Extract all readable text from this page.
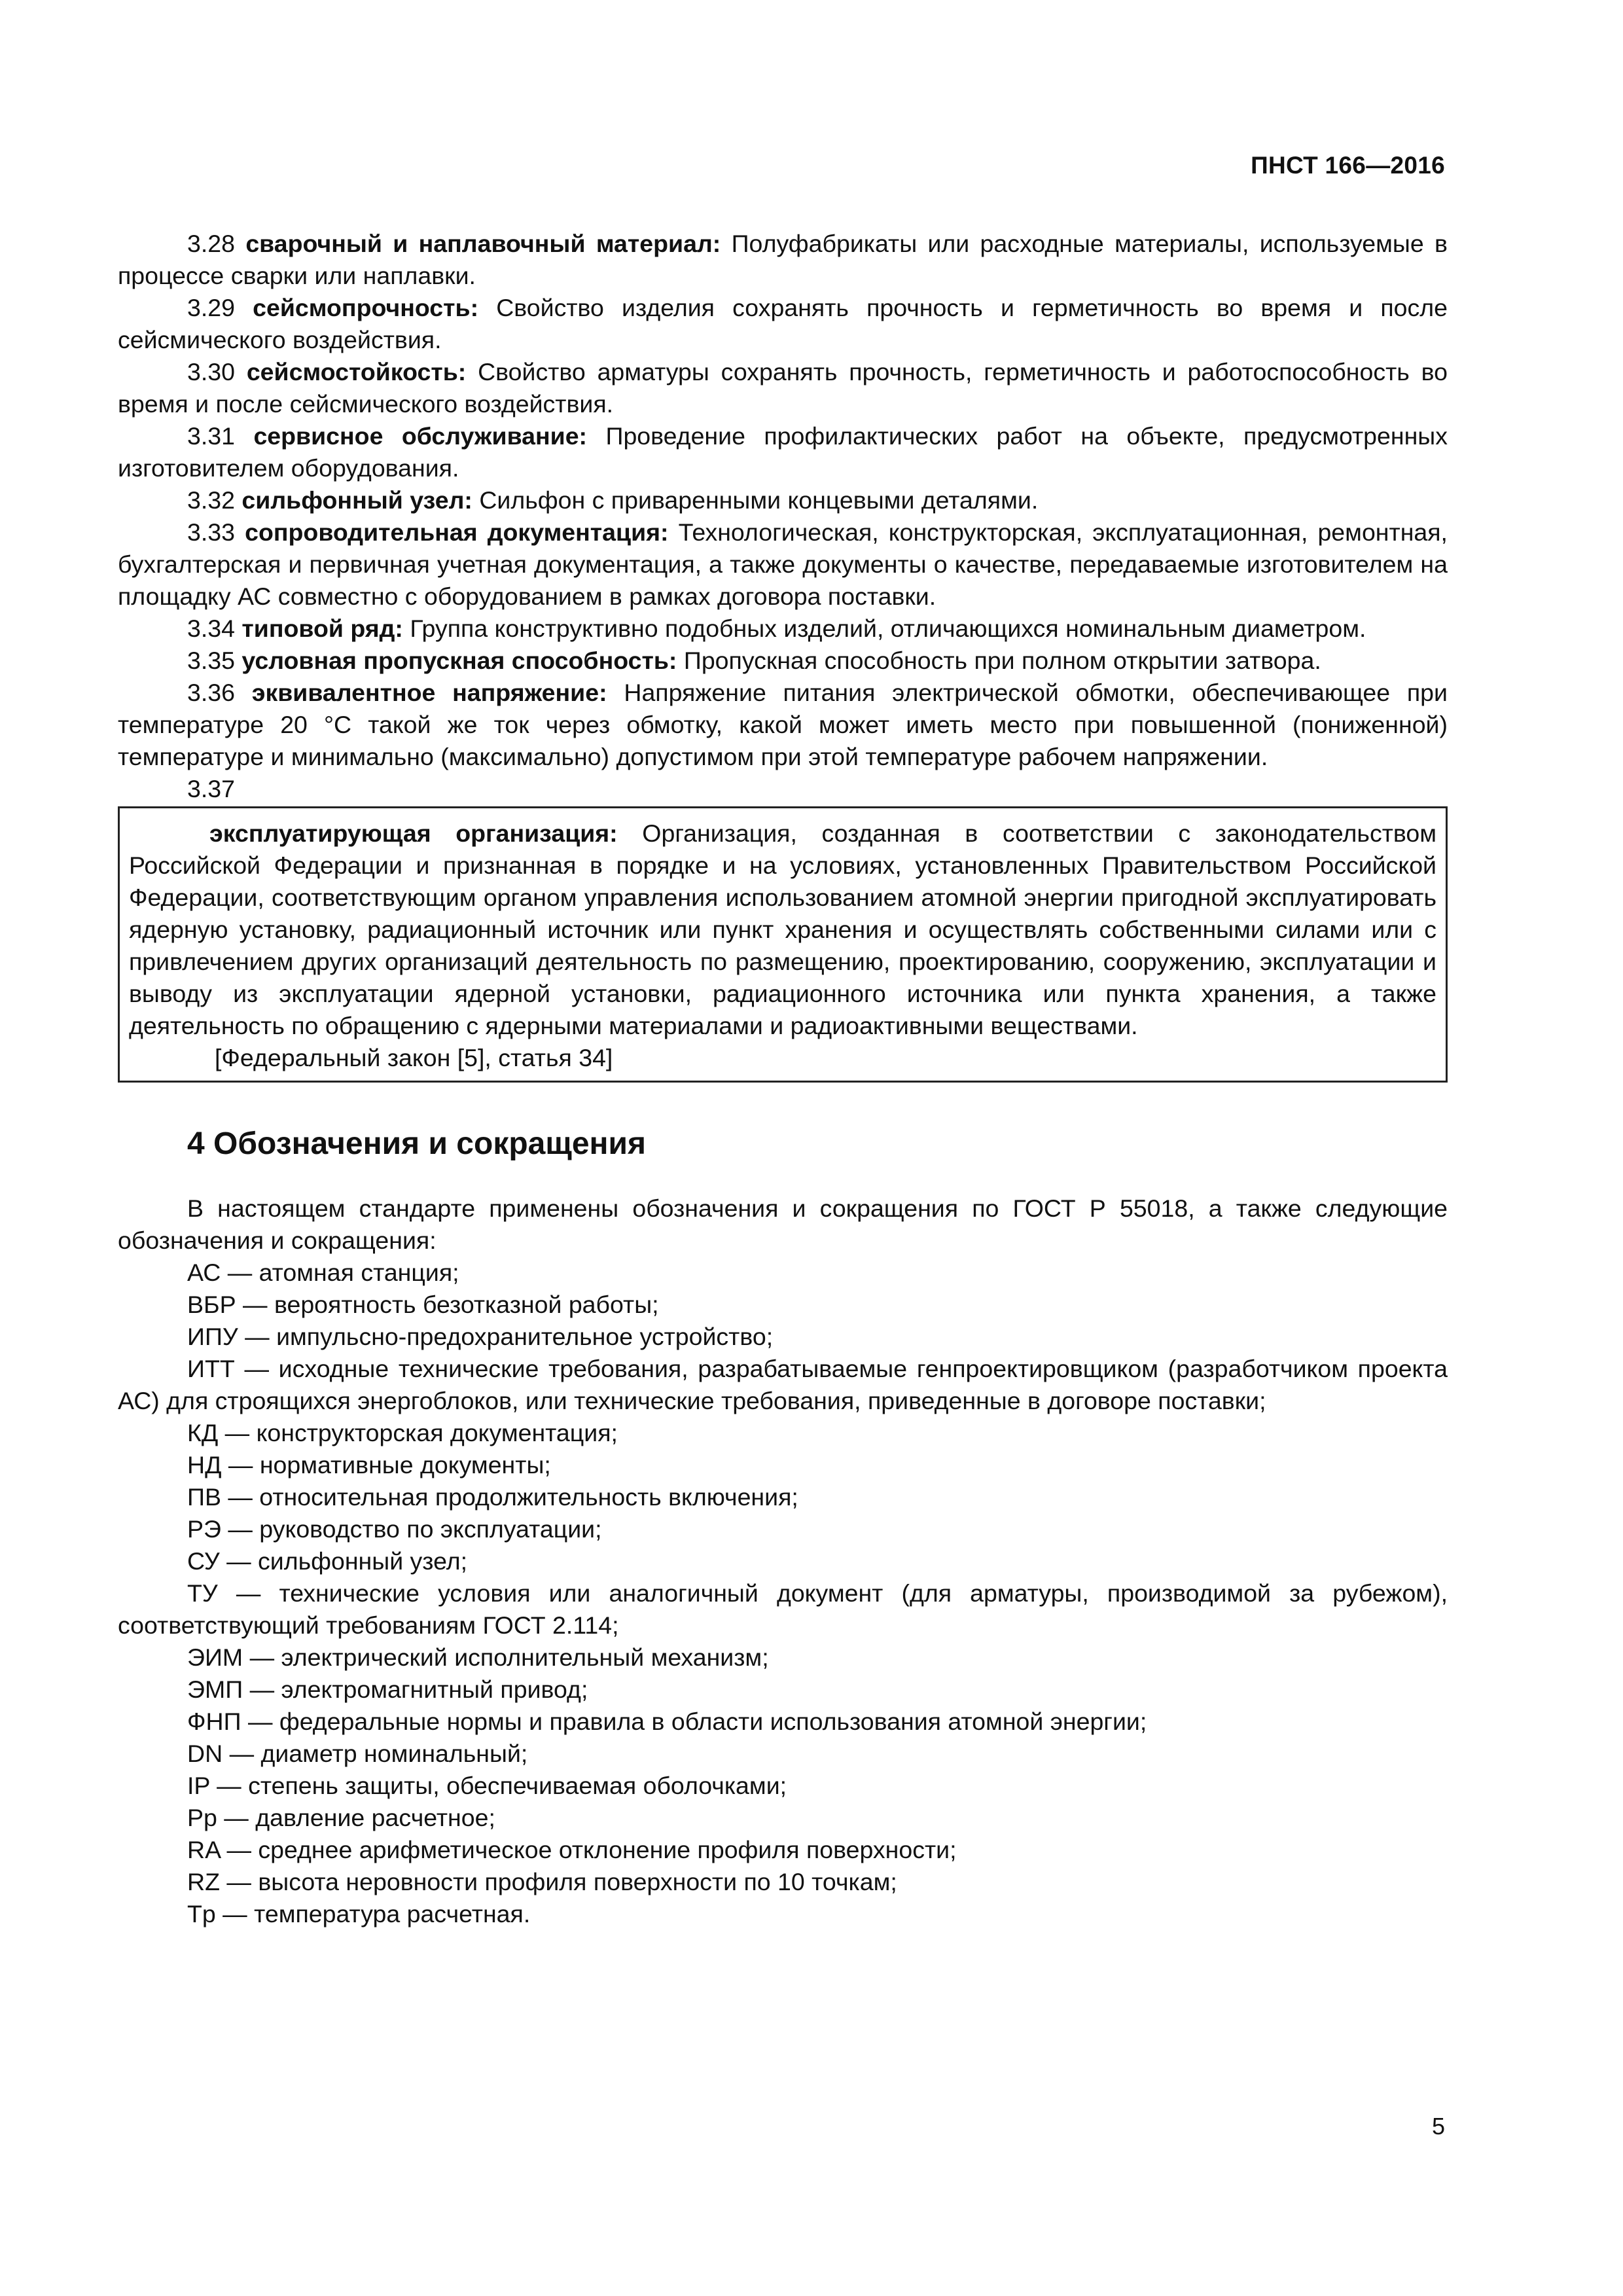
ПНСТ 166—2016

3.28 сварочный и наплавочный материал: Полуфабрикаты или расходные материалы, используемые в процессе сварки или наплавки.

3.29 сейсмопрочность: Свойство изделия сохранять прочность и герметичность во время и после сейсмического воздействия.

3.30 сейсмостойкость: Свойство арматуры сохранять прочность, герметичность и работоспособность во время и после сейсмического воздействия.

3.31 сервисное обслуживание: Проведение профилактических работ на объекте, предусмотренных изготовителем оборудования.

3.32 сильфонный узел: Сильфон с приваренными концевыми деталями.

3.33 сопроводительная документация: Технологическая, конструкторская, эксплуатационная, ремонтная, бухгалтерская и первичная учетная документация, а также документы о качестве, передаваемые изготовителем на площадку АС совместно с оборудованием в рамках договора поставки.

3.34 типовой ряд: Группа конструктивно подобных изделий, отличающихся номинальным диаметром.

3.35 условная пропускная способность: Пропускная способность при полном открытии затвора.

3.36 эквивалентное напряжение: Напряжение питания электрической обмотки, обеспечивающее при температуре 20 °С такой же ток через обмотку, какой может иметь место при повышенной (пониженной) температуре и минимально (максимально) допустимом при этой температуре рабочем напряжении.

3.37

эксплуатирующая организация: Организация, созданная в соответствии с законодательством Российской Федерации и признанная в порядке и на условиях, установленных Правительством Российской Федерации, соответствующим органом управления использованием атомной энергии пригодной эксплуатировать ядерную установку, радиационный источник или пункт хранения и осуществлять собственными силами или с привлечением других организаций деятельность по размещению, проектированию, сооружению, эксплуатации и выводу из эксплуатации ядерной установки, радиационного источника или пункта хранения, а также деятельность по обращению с ядерными материалами и радиоактивными веществами.

[Федеральный закон [5], статья 34]

4 Обозначения и сокращения

В настоящем стандарте применены обозначения и сокращения по ГОСТ Р 55018, а также следующие обозначения и сокращения:

АС — атомная станция;

ВБР — вероятность безотказной работы;

ИПУ — импульсно-предохранительное устройство;

ИТТ — исходные технические требования, разрабатываемые генпроектировщиком (разработчиком проекта АС) для строящихся энергоблоков, или технические требования, приведенные в договоре поставки;

КД — конструкторская документация;

НД — нормативные документы;

ПВ — относительная продолжительность включения;

РЭ — руководство по эксплуатации;

СУ — сильфонный узел;

ТУ — технические условия или аналогичный документ (для арматуры, производимой за рубежом), соответствующий требованиям ГОСТ 2.114;

ЭИМ — электрический исполнительный механизм;

ЭМП — электромагнитный привод;

ФНП — федеральные нормы и правила в области использования атомной энергии;

DN — диаметр номинальный;

IP — степень защиты, обеспечиваемая оболочками;

Pp — давление расчетное;

RA — среднее арифметическое отклонение профиля поверхности;

RZ — высота неровности профиля поверхности по 10 точкам;

Tp — температура расчетная.

5
